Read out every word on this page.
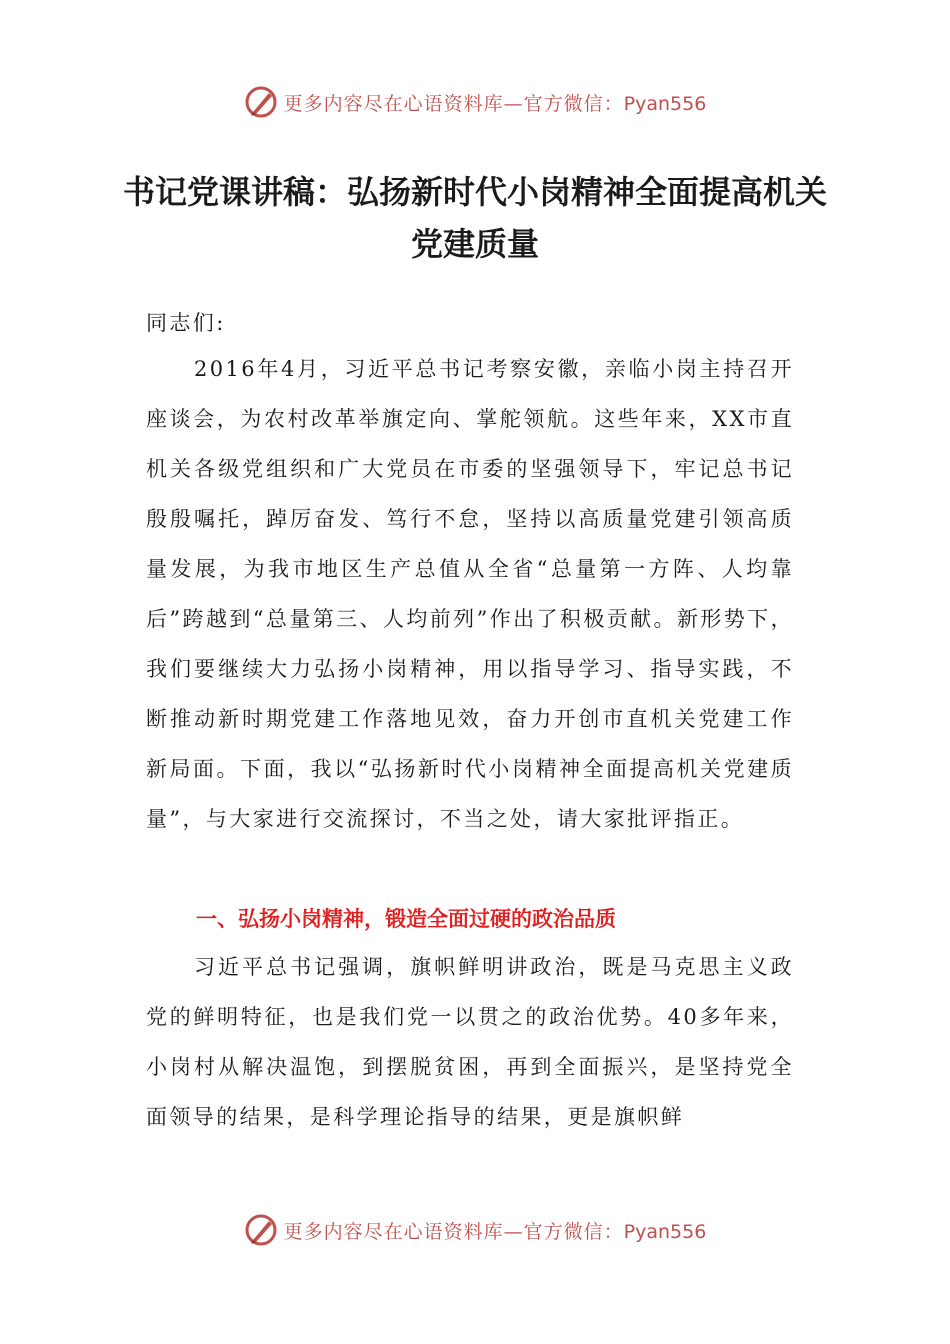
更多内容尽在心语资料库—官方微信：Pyan556
书记党课讲稿：弘扬新时代小岗精神全面提高机关党建质量

同志们:

2016年4月，习近平总书记考察安徽，亲临小岗主持召开座谈会，为农村改革举旗定向、掌舵领航。这些年来，XX市直机关各级党组织和广大党员在市委的坚强领导下，牢记总书记殷殷嘱托，踔厉奋发、笃行不怠，坚持以高质量党建引领高质量发展，为我市地区生产总值从全省“总量第一方阵、人均靠后”跨越到“总量第三、人均前列”作出了积极贡献。新形势下，我们要继续大力弘扬小岗精神，用以指导学习、指导实践，不断推动新时期党建工作落地见效，奋力开创市直机关党建工作新局面。下面，我以“弘扬新时代小岗精神全面提高机关党建质量”，与大家进行交流探讨，不当之处，请大家批评指正。

一、弘扬小岗精神，锻造全面过硬的政治品质

习近平总书记强调，旗帜鲜明讲政治，既是马克思主义政党的鲜明特征，也是我们党一以贯之的政治优势。40多年来，小岗村从解决温饱，到摆脱贫困，再到全面振兴，是坚持党全面领导的结果，是科学理论指导的结果，更是旗帜鲜

更多内容尽在心语资料库—官方微信：Pyan556
